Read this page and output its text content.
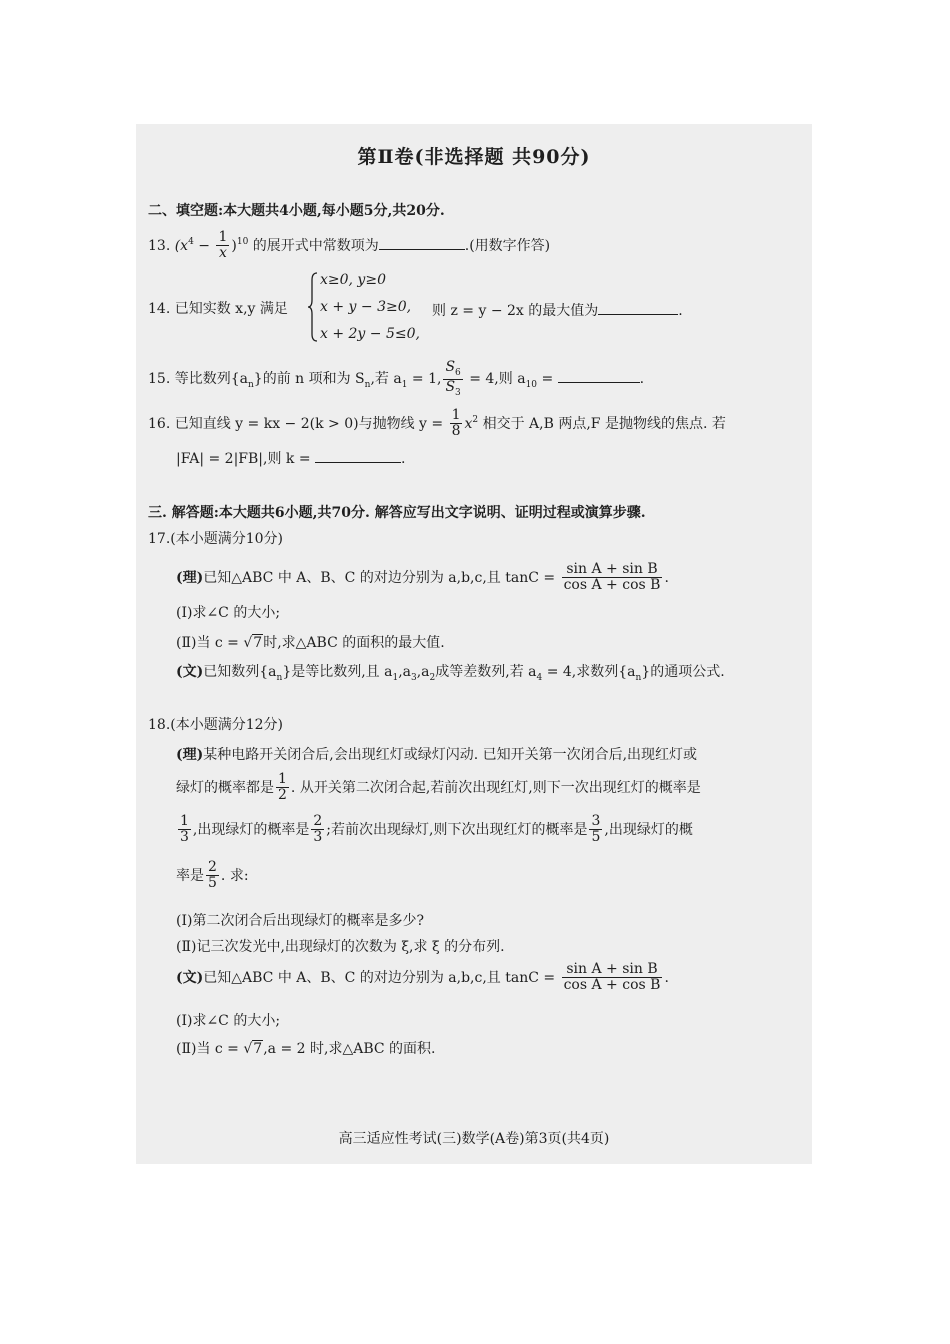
第Ⅱ卷(非选择题 共90分)
二、填空题:本大题共4小题,每小题5分,共20分.
13. $(x^4 - \frac{1}{x} )^{10}$ 的展开式中常数项为	.(用数字作答)
14. 已知实数 x,y 满足
x≥0, y≥0
x + y − 3≥0,
x + 2y − 5≤0,
则 z = y − 2x 的最大值为	.
15. 等比数列$\{a_n\}$的前 n 项和为 $S_n$,若 $a_1 = 1$, $\frac{S_6}{S_3} = 4$,则 $a_{10}$ =	.
16. 已知直线 y = kx − 2(k > 0)与抛物线 $y = \frac{1}{8} x^2$ 相交于 A,B 两点,F 是抛物线的焦点. 若
|FA| = 2|FB|,则 k =	.
三. 解答题:本大题共6小题,共70分. 解答应写出文字说明、证明过程或演算步骤.
17.(本小题满分10分)
(理)已知△ABC 中 A、B、C 的对边分别为 a,b,c,且 $\tan C = \frac{\text{sin A + sin B}}{\text{cos A + cos B}}$ .
(Ⅰ)求∠C 的大小;
(Ⅱ)当 c = √7时,求△ABC 的面积的最大值.
(文)已知数列$\{a_n\}$是等比数列,且 $a_1,a_3,a_2$成等差数列,若 $a_4 = 4$,求数列$\{a_n\}$的通项公式.
18.(本小题满分12分)
(理)某种电路开关闭合后,会出现红灯或绿灯闪动. 已知开关第一次闭合后,出现红灯或
绿灯的概率都是 $\frac{1}{2}$ . 从开关第二次闭合起,若前次出现红灯,则下一次出现红灯的概率是
$\frac{1}{3}$ ,出现绿灯的概率是 $\frac{2}{3}$ ;若前次出现绿灯,则下次出现红灯的概率是 $\frac{3}{5}$ ,出现绿灯的概
率是 $\frac{2}{5}$ . 求:
(Ⅰ)第二次闭合后出现绿灯的概率是多少?
(Ⅱ)记三次发光中,出现绿灯的次数为 ξ,求 ξ 的分布列.
(文)已知△ABC 中 A、B、C 的对边分别为 a,b,c,且 $\tan C = \frac{\text{sin A + sin B}}{\text{cos A + cos B}}$ .
(Ⅰ)求∠C 的大小;
(Ⅱ)当 c = √7,a = 2 时,求△ABC 的面积.
高三适应性考试(三)数学(A卷)第3页(共4页)
